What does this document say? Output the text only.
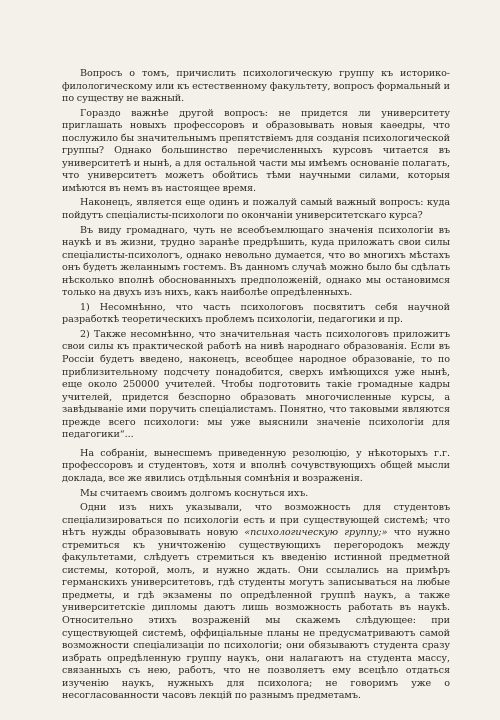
Вопросъ о томъ, причислить психологическую группу къ историко-филологическому или къ естественному факультету, вопросъ формальный и по существу не важный.

Гораздо важнѣе другой вопросъ: не придется ли университету приглашать новыхъ профессоровъ и образовывать новыя каѳедры, что послужило бы значительнымъ препятствіемъ для созданія психологической группы? Однако большинство перечисленныхъ курсовъ читается въ университетѣ и нынѣ, а для остальной части мы имѣемъ основаніе полагать, что университетъ можетъ обойтись тѣми научными силами, которыя имѣются въ немъ въ настоящее время.

Наконецъ, является еще одинъ и пожалуй самый важный вопросъ: куда пойдутъ спеціалисты-психологи по окончаніи университетскаго курса?

Въ виду громаднаго, чуть не всеобъемлющаго значенія психологіи въ наукѣ и въ жизни, трудно заранѣе предрѣшить, куда приложатъ свои силы спеціалисты-психологъ, однако невольно думается, что во многихъ мѣстахъ онъ будетъ желаннымъ гостемъ. Въ данномъ случаѣ можно было бы сдѣлать нѣсколько вполнѣ обоснованныхъ предположеній, однако мы остановимся только на двухъ изъ нихъ, какъ наиболѣе опредѣленныхъ.

1) Несомнѣнно, что часть психологовъ посвятитъ себя научной разработкѣ теоретическихъ проблемъ психологіи, педагогики и пр.

2) Также несомнѣнно, что значительная часть психологовъ приложитъ свои силы къ практической работѣ на нивѣ народнаго образованія. Если въ Россіи будетъ введено, наконецъ, всеобщее народное образованіе, то по приблизительному подсчету понадобится, сверхъ имѣющихся уже нынѣ, еще около 250000 учителей. Чтобы подготовить такіе громадные кадры учителей, придется безспорно образовать многочисленные курсы, а завѣдываніе ими поручить спеціалистамъ. Понятно, что таковыми являются прежде всего психологи: мы уже выяснили значеніе психологіи для педагогики“...

На собраніи, вынесшемъ приведенную резолюцію, у нѣкоторыхъ г.г. профессоровъ и студентовъ, хотя и вполнѣ сочувствующихъ общей мысли доклада, все же явились отдѣльныя сомнѣнія и возраженія.

Мы считаемъ своимъ долгомъ коснуться ихъ.

Одни изъ нихъ указывали, что возможность для студентовъ спеціализироваться по психологіи есть и при существующей системѣ; что нѣтъ нужды образовывать новую «психологическую группу;» что нужно стремиться къ уничтоженію существующихъ перегородокъ между факультетами, слѣдуетъ стремиться къ введенію истинной предметной системы, которой, молъ, и нужно ждать. Они ссылались на примѣръ германскихъ университетовъ, гдѣ студенты могутъ записываться на любые предметы, и гдѣ экзамены по опредѣленной группѣ наукъ, а также университетскіе дипломы даютъ лишь возможность работать въ наукѣ. Относительно этихъ возраженій мы скажемъ слѣдующее: при существующей системѣ, оффиціальные планы не предусматриваютъ самой возможности спеціализаціи по психологіи; они обязываютъ студента сразу избрать опредѣленную группу наукъ, они налагаютъ на студента массу, связанныхъ съ нею, работъ, что не позволяетъ ему всецѣло отдаться изученію наукъ, нужныхъ для психолога; не говоримъ уже о несогласованности часовъ лекцій по разнымъ предметамъ.
